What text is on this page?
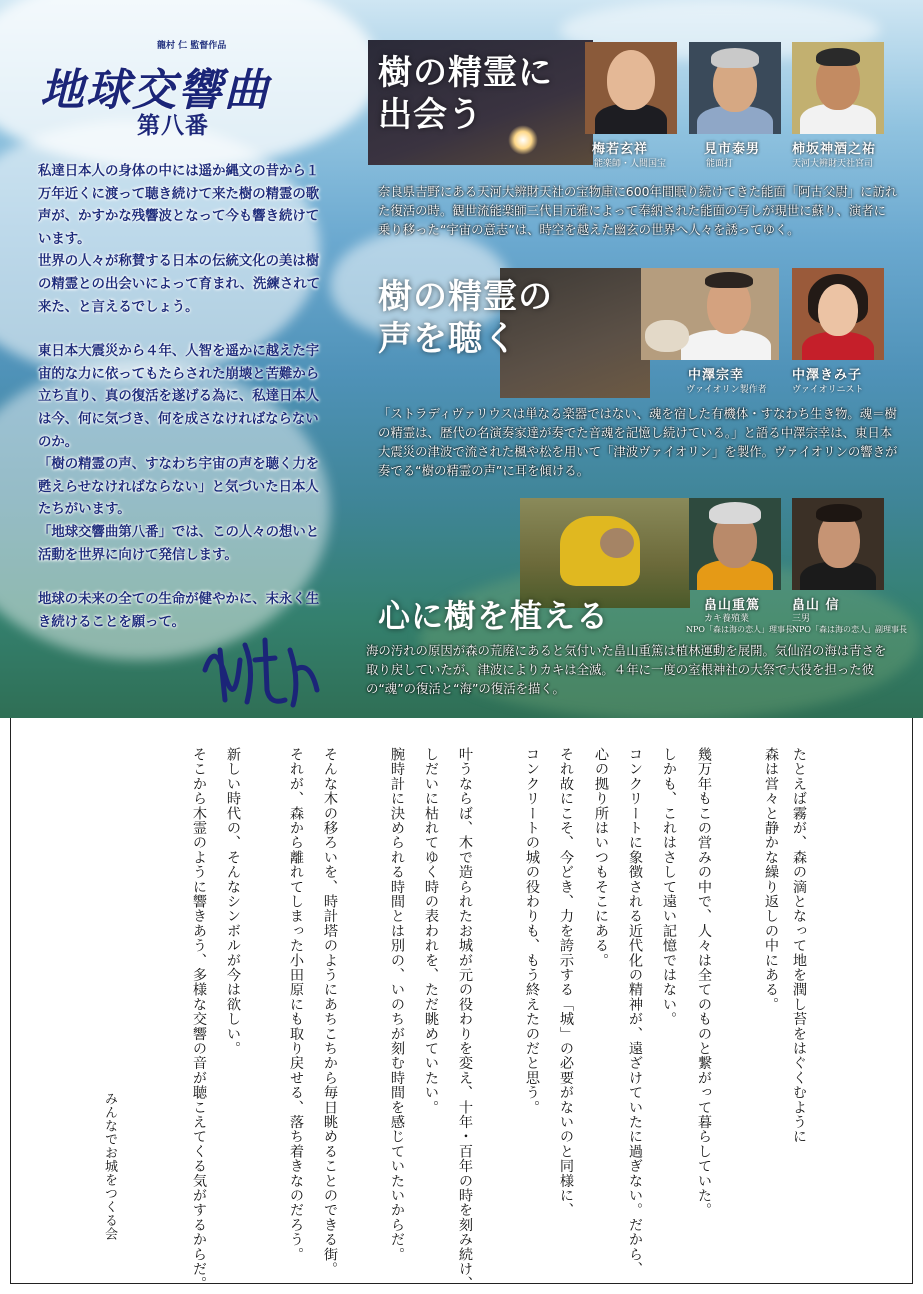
龍村 仁 監督作品
地球交響曲
第八番

私達日本人の身体の中には遥か縄文の昔から１万年近くに渡って聴き続けて来た樹の精霊の歌声が、かすかな残響波となって今も響き続けています。

世界の人々が称賛する日本の伝統文化の美は樹の精霊との出会いによって育まれ、洗練されて来た、と言えるでしょう。

東日本大震災から４年、人智を遥かに越えた宇宙的な力に依ってもたらされた崩壊と苦難から立ち直り、真の復活を遂げる為に、私達日本人は今、何に気づき、何を成さなければならないのか。

「樹の精霊の声、すなわち宇宙の声を聴く力を甦えらせなければならない」と気づいた日本人たちがいます。

「地球交響曲第八番」では、この人々の想いと活動を世界に向けて発信します。

地球の未来の全ての生命が健やかに、末永く生き続けることを願って。

樹の精霊に
出会う
梅若玄祥
能楽師・人間国宝
見市泰男
能面打
柿坂神酒之祐
天河大辨財天社宮司
奈良県吉野にある天河大辨財天社の宝物庫に600年間眠り続けてきた能面「阿古父尉」に訪れた復活の時。観世流能楽師三代目元雅によって奉納された能面の写しが現世に蘇り、演者に乗り移った“宇宙の意志”は、時空を越えた幽玄の世界へ人々を誘ってゆく。
樹の精霊の
声を聴く
中澤宗幸
ヴァイオリン製作者
中澤きみ子
ヴァイオリニスト
「ストラディヴァリウスは単なる楽器ではない、魂を宿した有機体・すなわち生き物。魂＝樹の精霊は、歴代の名演奏家達が奏でた音魂を記憶し続けている。」と語る中澤宗幸は、東日本大震災の津波で流された楓や松を用いて「津波ヴァイオリン」を製作。ヴァイオリンの響きが奏でる“樹の精霊の声”に耳を傾ける。
心に樹を植える	畠山重篤
カキ養殖業
NPO「森は海の恋人」理事長
畠山 信
三男
NPO「森は海の恋人」副理事長
海の汚れの原因が森の荒廃にあると気付いた畠山重篤は植林運動を展開。気仙沼の海は青さを取り戻していたが、津波によりカキは全滅。４年に一度の室根神社の大祭で大役を担った彼の“魂”の復活と“海”の復活を描く。
たとえば霧が、森の滴となって地を潤し苔をはぐくむように
森は営々と静かな繰り返しの中にある。
幾万年もこの営みの中で、人々は全てのものと繋がって暮らしていた。
しかも、これはさして遠い記憶ではない。
コンクリートに象徴される近代化の精神が、遠ざけていたに過ぎない。だから、
心の拠り所はいつもそこにある。
それ故にこそ、今どき、力を誇示する「城」の必要がないのと同様に、
コンクリートの城の役わりも、もう終えたのだと思う。
叶うならば、木で造られたお城が元の役わりを変え、十年・百年の時を刻み続け、
しだいに枯れてゆく時の表われを、ただ眺めていたい。
腕時計に決められる時間とは別の、いのちが刻む時間を感じていたいからだ。
そんな木の移ろいを、時計塔のようにあちこちから毎日眺めることのできる街。
それが、森から離れてしまった小田原にも取り戻せる、落ち着きなのだろう。
新しい時代の、そんなシンボルが今は欲しい。
そこから木霊のように響きあう、多様な交響の音が聴こえてくる気がするからだ。
みんなでお城をつくる会
